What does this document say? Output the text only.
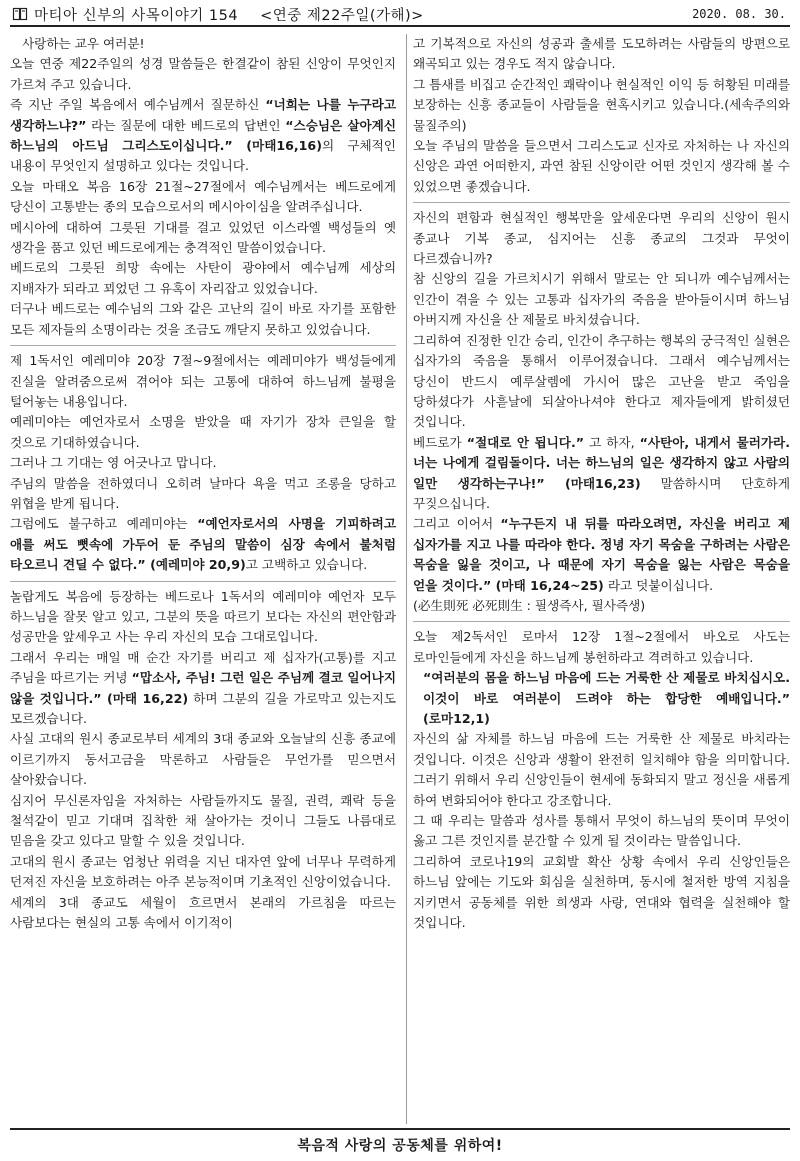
마티아 신부의 사목이야기 154 <연중 제22주일(가해)>	2020. 08. 30.

사랑하는 교우 여러분!

오늘 연중 제22주일의 성경 말씀들은 한결같이 참된 신앙이 무엇인지 가르쳐 주고 있습니다.

즉 지난 주일 복음에서 예수님께서 질문하신 “너희는 나를 누구라고 생각하느냐?” 라는 질문에 대한 베드로의 답변인 “스승님은 살아계신 하느님의 아드님 그리스도이십니다.” (마태16,16)의 구체적인 내용이 무엇인지 설명하고 있다는 것입니다.

오늘 마태오 복음 16장 21절~27절에서 예수님께서는 베드로에게 당신이 고통받는 종의 모습으로서의 메시아이심을 알려주십니다.

메시아에 대하여 그릇된 기대를 걸고 있었던 이스라엘 백성들의 옛 생각을 품고 있던 베드로에게는 충격적인 말씀이었습니다.

베드로의 그릇된 희망 속에는 사탄이 광야에서 예수님께 세상의 지배자가 되라고 꾀었던 그 유혹이 자리잡고 있었습니다.

더구나 베드로는 예수님의 그와 같은 고난의 길이 바로 자기를 포함한 모든 제자들의 소명이라는 것을 조금도 깨닫지 못하고 있었습니다.

제 1독서인 예레미야 20장 7절~9절에서는 예레미야가 백성들에게 진실을 알려줌으로써 겪어야 되는 고통에 대하여 하느님께 불평을 털어놓는 내용입니다.

예레미야는 예언자로서 소명을 받았을 때 자기가 장차 큰일을 할 것으로 기대하였습니다.

그러나 그 기대는 영 어긋나고 맙니다.

주님의 말씀을 전하였더니 오히려 날마다 욕을 먹고 조롱을 당하고 위협을 받게 됩니다.

그럼에도 불구하고 예레미야는 “예언자로서의 사명을 기피하려고 애를 써도 뼛속에 가두어 둔 주님의 말씀이 심장 속에서 불처럼 타오르니 견딜 수 없다.” (예레미야 20,9)고 고백하고 있습니다.

놀랍게도 복음에 등장하는 베드로나 1독서의 예레미야 예언자 모두 하느님을 잘못 알고 있고, 그분의 뜻을 따르기 보다는 자신의 편안함과 성공만을 앞세우고 사는 우리 자신의 모습 그대로입니다.

그래서 우리는 매일 매 순간 자기를 버리고 제 십자가(고통)를 지고 주님을 따르기는 커녕 “맙소사, 주님! 그런 일은 주님께 결코 일어나지 않을 것입니다.” (마태 16,22) 하며 그분의 길을 가로막고 있는지도 모르겠습니다.

사실 고대의 원시 종교로부터 세계의 3대 종교와 오늘날의 신흥 종교에 이르기까지 동서고금을 막론하고 사람들은 무언가를 믿으면서 살아왔습니다.

심지어 무신론자임을 자처하는 사람들까지도 물질, 권력, 쾌락 등을 철석같이 믿고 기대며 집착한 채 살아가는 것이니 그들도 나름대로 믿음을 갖고 있다고 말할 수 있을 것입니다.

고대의 원시 종교는 엄청난 위력을 지닌 대자연 앞에 너무나 무력하게 던져진 자신을 보호하려는 아주 본능적이며 기초적인 신앙이었습니다.

세계의 3대 종교도 세월이 흐르면서 본래의 가르침을 따르는 사람보다는 현실의 고통 속에서 이기적이

고 기복적으로 자신의 성공과 출세를 도모하려는 사람들의 방편으로 왜곡되고 있는 경우도 적지 않습니다.

그 틈새를 비집고 순간적인 쾌락이나 현실적인 이익 등 허황된 미래를 보장하는 신흥 종교들이 사람들을 현혹시키고 있습니다.(세속주의와 물질주의)

오늘 주님의 말씀을 들으면서 그리스도교 신자로 자처하는 나 자신의 신앙은 과연 어떠한지, 과연 참된 신앙이란 어떤 것인지 생각해 볼 수 있었으면 좋겠습니다.

자신의 편함과 현실적인 행복만을 앞세운다면 우리의 신앙이 원시 종교나 기복 종교, 심지어는 신흥 종교의 그것과 무엇이 다르겠습니까?

참 신앙의 길을 가르치시기 위해서 말로는 안 되니까 예수님께서는 인간이 겪을 수 있는 고통과 십자가의 죽음을 받아들이시며 하느님 아버지께 자신을 산 제물로 바치셨습니다.

그리하여 진정한 인간 승리, 인간이 추구하는 행복의 궁극적인 실현은 십자가의 죽음을 통해서 이루어졌습니다. 그래서 예수님께서는 당신이 반드시 예루살렘에 가시어 많은 고난을 받고 죽임을 당하셨다가 사흗날에 되살아나셔야 한다고 제자들에게 밝히셨던 것입니다.

베드로가 “절대로 안 됩니다.” 고 하자, “사탄아, 내게서 물러가라. 너는 나에게 걸림돌이다. 너는 하느님의 일은 생각하지 않고 사람의 일만 생각하는구나!” (마태16,23) 말씀하시며 단호하게 꾸짖으십니다.

그리고 이어서 “누구든지 내 뒤를 따라오려면, 자신을 버리고 제 십자가를 지고 나를 따라야 한다. 정녕 자기 목숨을 구하려는 사람은 목숨을 잃을 것이고, 나 때문에 자기 목숨을 잃는 사람은 목숨을 얻을 것이다.” (마태 16,24~25) 라고 덧붙이십니다.

(必生則死 必死則生 : 필생즉사, 필사즉생)

오늘 제2독서인 로마서 12장 1절~2절에서 바오로 사도는 로마인들에게 자신을 하느님께 봉헌하라고 격려하고 있습니다.

“여러분의 몸을 하느님 마음에 드는 거룩한 산 제물로 바치십시오. 이것이 바로 여러분이 드려야 하는 합당한 예배입니다.” (로마12,1)

자신의 삶 자체를 하느님 마음에 드는 거룩한 산 제물로 바치라는 것입니다. 이것은 신앙과 생활이 완전히 일치해야 함을 의미합니다. 그러기 위해서 우리 신앙인들이 현세에 동화되지 말고 정신을 새롭게 하여 변화되어야 한다고 강조합니다.

그 때 우리는 말씀과 성사를 통해서 무엇이 하느님의 뜻이며 무엇이 옳고 그른 것인지를 분간할 수 있게 될 것이라는 말씀입니다.

그리하여 코로나19의 교회발 확산 상황 속에서 우리 신앙인들은 하느님 앞에는 기도와 회심을 실천하며, 동시에 철저한 방역 지침을 지키면서 공동체를 위한 희생과 사랑, 연대와 협력을 실천해야 할 것입니다.

복음적 사랑의 공동체를 위하여!
